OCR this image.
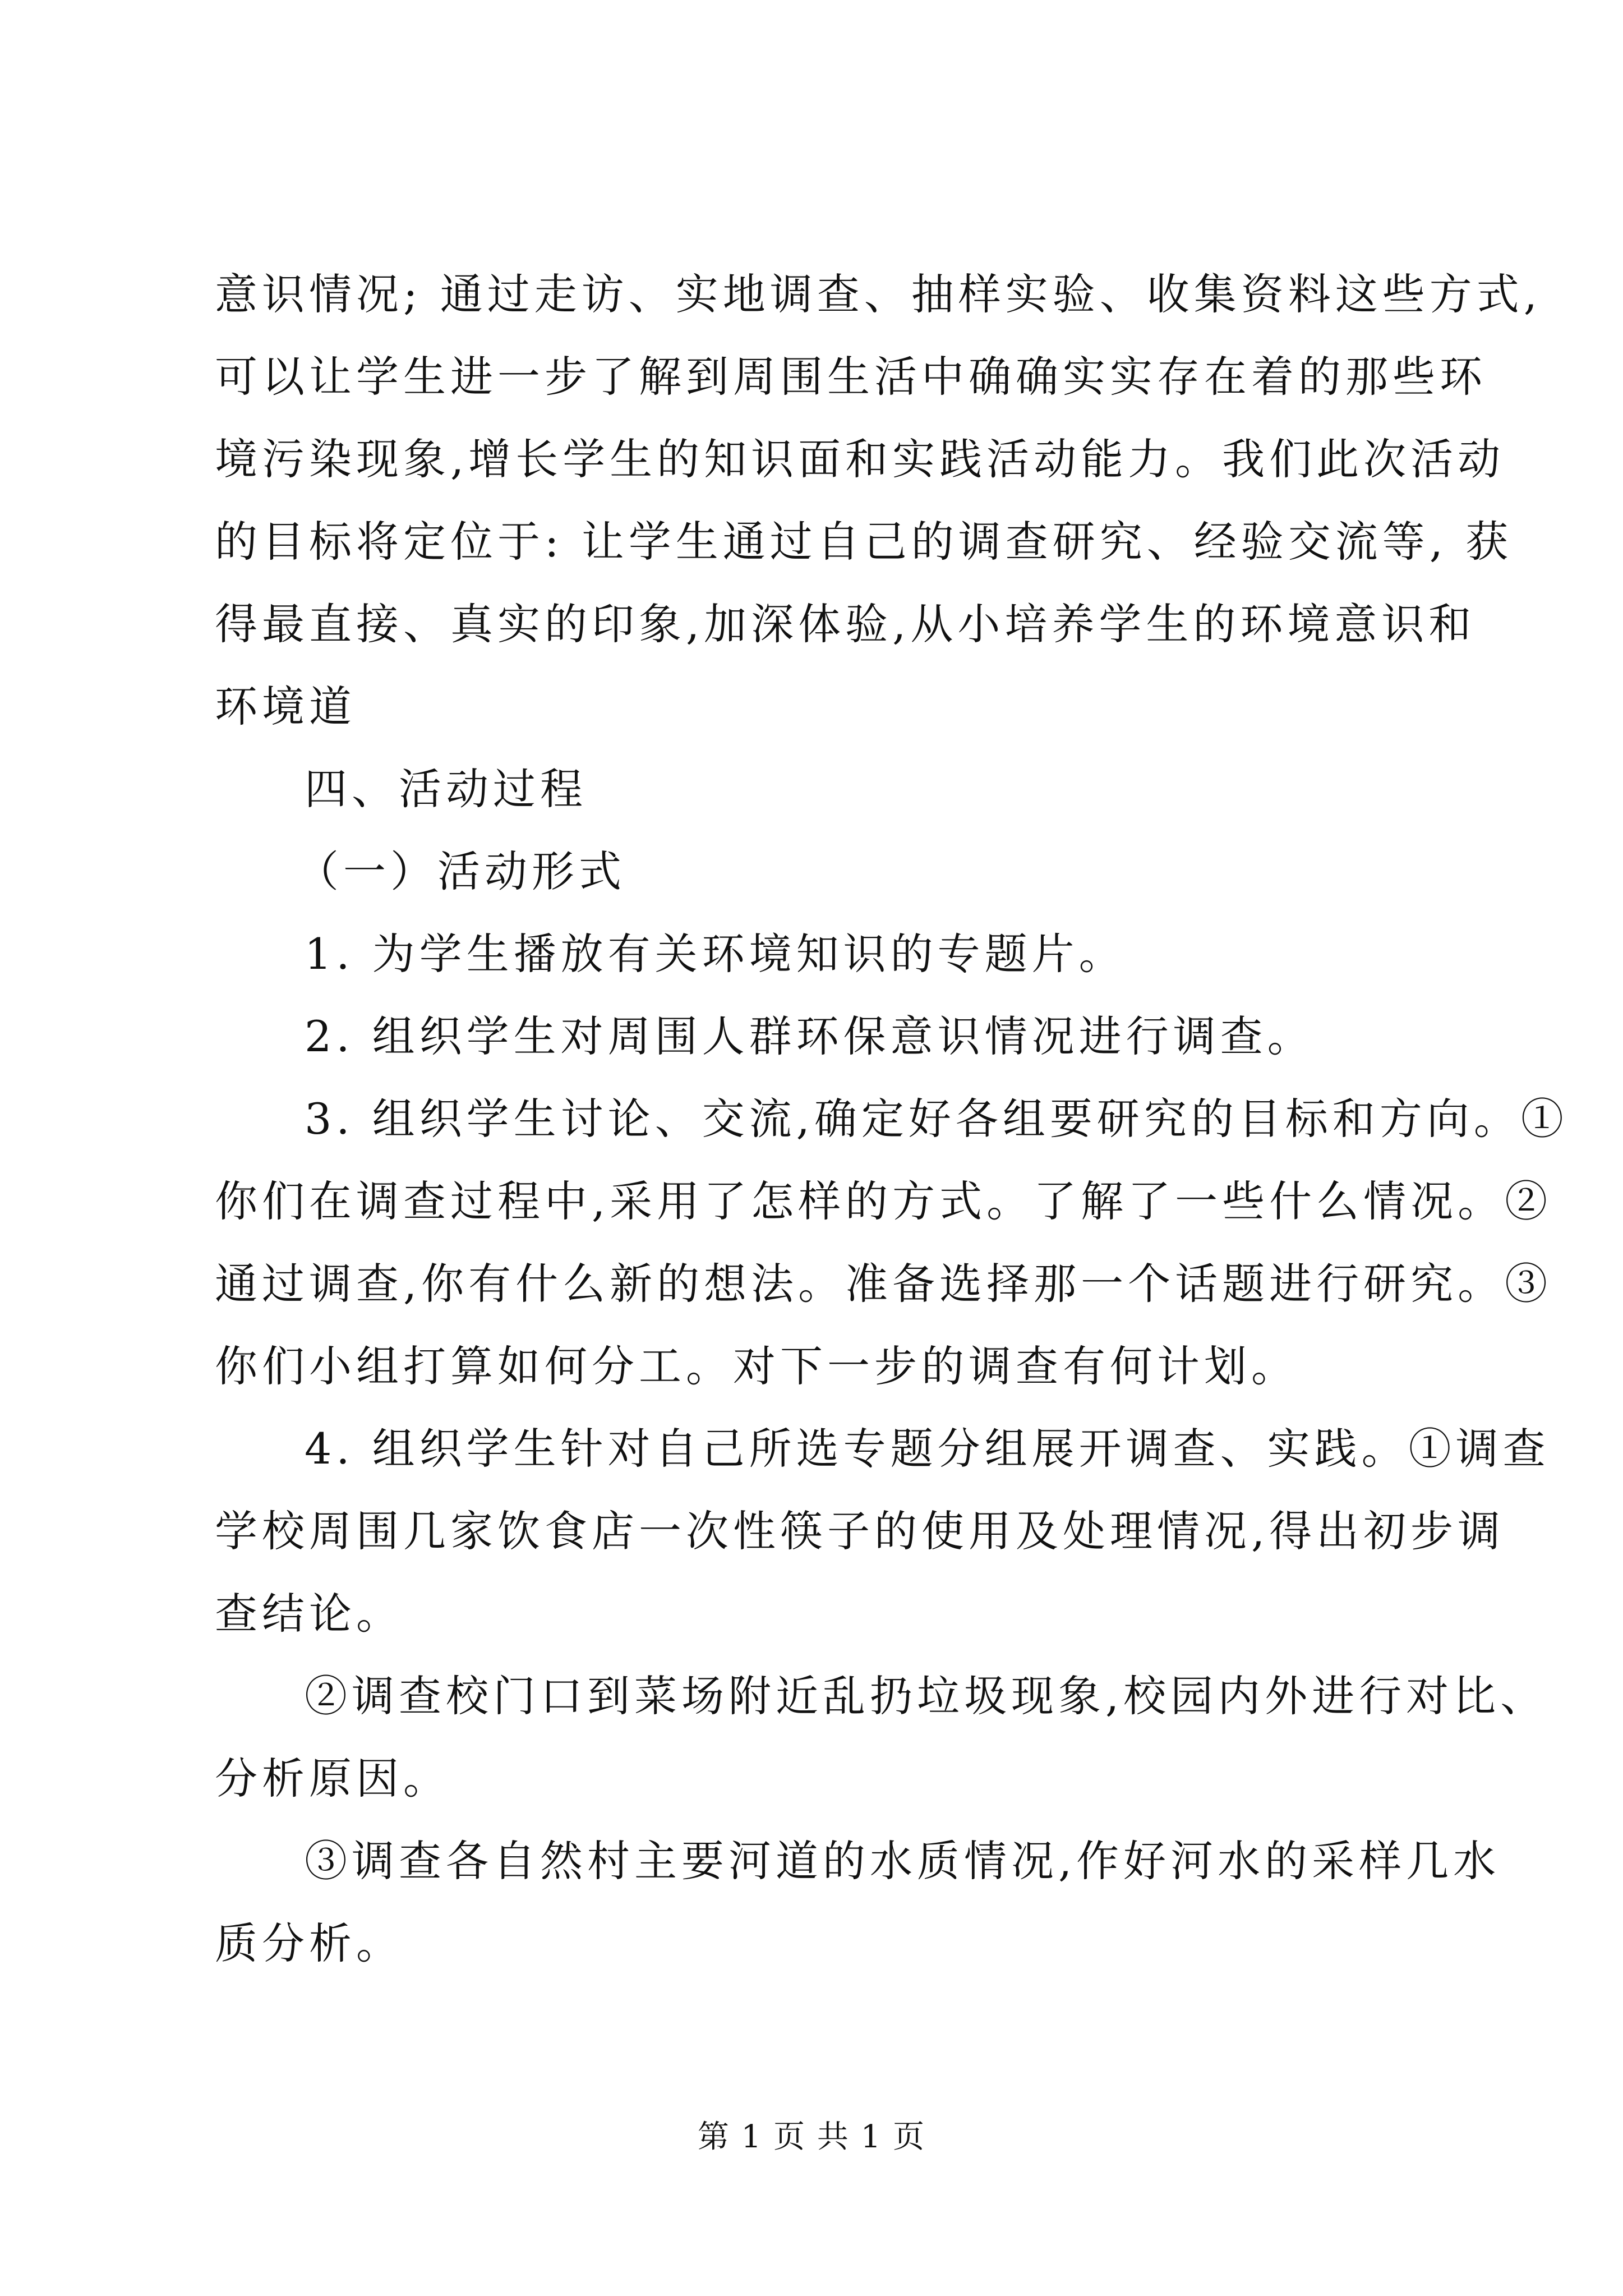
意识情况; 通过走访、实地调查、抽样实验、收集资料这些方式,
可以让学生进一步了解到周围生活中确确实实存在着的那些环
境污染现象,增长学生的知识面和实践活动能力。我们此次活动
的目标将定位于: 让学生通过自己的调查研究、经验交流等, 获
得最直接、真实的印象,加深体验,从小培养学生的环境意识和
环境道
四、活动过程
（一）活动形式
1. 为学生播放有关环境知识的专题片。
2. 组织学生对周围人群环保意识情况进行调查。
3. 组织学生讨论、交流,确定好各组要研究的目标和方向。①
你们在调查过程中,采用了怎样的方式。了解了一些什么情况。②
通过调查,你有什么新的想法。准备选择那一个话题进行研究。③
你们小组打算如何分工。对下一步的调查有何计划。
4. 组织学生针对自己所选专题分组展开调查、实践。①调查
学校周围几家饮食店一次性筷子的使用及处理情况,得出初步调
查结论。
②调查校门口到菜场附近乱扔垃圾现象,校园内外进行对比、
分析原因。
③调查各自然村主要河道的水质情况,作好河水的采样几水
质分析。
第 1 页 共 1 页
